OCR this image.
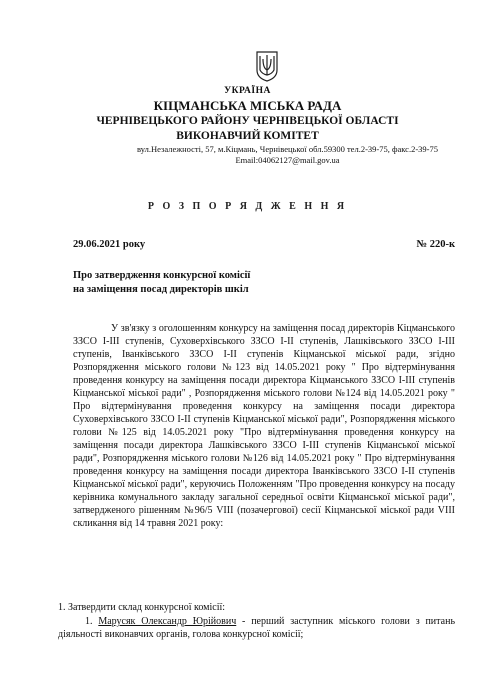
УКРАЇНА
КІЦМАНСЬКА МІСЬКА РАДА
ЧЕРНІВЕЦЬКОГО РАЙОНУ ЧЕРНІВЕЦЬКОЇ ОБЛАСТІ
ВИКОНАВЧИЙ КОМІТЕТ
вул.Незалежності, 57, м.Кіцмань, Чернівецької обл.59300 тел.2-39-75, факс.2-39-75
Email:04062127@mail.gov.ua
Р О З П О Р Я Д Ж Е Н Н Я
29.06.2021 року	№ 220-к
Про затвердження конкурсної комісії
на заміщення посад директорів шкіл
У зв'язку з оголошенням конкурсу на заміщення посад директорів Кіцманського ЗЗСО І-ІІІ ступенів, Суховерхівського ЗЗСО І-ІІ ступенів, Лашківського ЗЗСО І-ІІІ ступенів, Іванківського ЗЗСО І-ІІ ступенів Кіцманської міської ради, згідно Розпорядження міського голови №123 від 14.05.2021 року " Про відтермінування проведення конкурсу на заміщення посади директора Кіцманського ЗЗСО І-ІІІ ступенів Кіцманської міської ради" , Розпорядження міського голови №124 від 14.05.2021 року " Про відтермінування проведення конкурсу на заміщення посади директора Суховерхівського ЗЗСО І-ІІ ступенів Кіцманської міської ради", Розпорядження міського голови №125 від 14.05.2021 року "Про відтермінування проведення конкурсу на заміщення посади директора Лашківського ЗЗСО І-ІІІ ступенів Кіцманської міської ради", Розпорядження міського голови №126 від 14.05.2021 року " Про відтермінування проведення конкурсу на заміщення посади директора Іванківського ЗЗСО І-ІІ ступенів Кіцманської міської ради", керуючись Положенням "Про проведення конкурсу на посаду керівника комунального закладу загальної середньої освіти Кіцманської міської ради", затвердженого рішенням №96/5 VIII (позачергової) сесії Кіцманської міської ради VIII скликання від 14 травня 2021 року:
1. Затвердити склад конкурсної комісії:
1. Маруcяк Олександр Юрійович - перший заступник міського голови з питань діяльності виконавчих органів, голова конкурсної комісії;
